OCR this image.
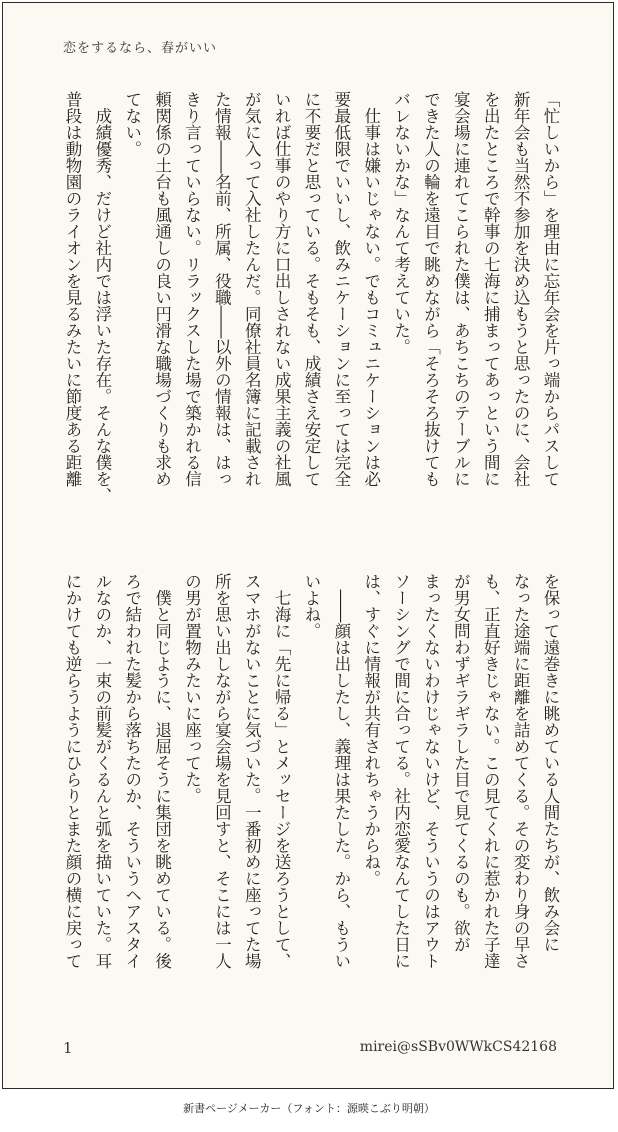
恋をするなら、春がいい
「忙しいから」を理由に忘年会を片っ端からパスして
新年会も当然不参加を決め込もうと思ったのに、会社
を出たところで幹事の七海に捕まってあっという間に
宴会場に連れてこられた僕は、あちこちのテーブルに
できた人の輪を遠目で眺めながら「そろそろ抜けても
バレないかな」なんて考えていた。
　仕事は嫌いじゃない。でもコミュニケーションは必
要最低限でいいし、飲みニケーションに至っては完全
に不要だと思っている。そもそも、成績さえ安定して
いれば仕事のやり方に口出しされない成果主義の社風
が気に入って入社したんだ。同僚社員名簿に記載され
た情報――名前、所属、役職――以外の情報は、はっ
きり言っていらない。リラックスした場で築かれる信
頼関係の土台も風通しの良い円滑な職場づくりも求め
てない。
　成績優秀、だけど社内では浮いた存在。そんな僕を、
普段は動物園のライオンを見るみたいに節度ある距離
を保って遠巻きに眺めている人間たちが、飲み会に
なった途端に距離を詰めてくる。その変わり身の早さ
も、正直好きじゃない。この見てくれに惹かれた子達
が男女問わずギラギラした目で見てくるのも。欲が
まったくないわけじゃないけど、そういうのはアウト
ソーシングで間に合ってる。社内恋愛なんてした日に
は、すぐに情報が共有されちゃうからね。
　――顔は出したし、義理は果たした。から、もうい
いよね。
　七海に「先に帰る」とメッセージを送ろうとして、
スマホがないことに気づいた。一番初めに座ってた場
所を思い出しながら宴会場を見回すと、そこには一人
の男が置物みたいに座ってた。
　僕と同じように、退屈そうに集団を眺めている。後
ろで結われた髪から落ちたのか、そういうヘアスタイ
ルなのか、一束の前髪がくるんと弧を描いていた。耳
にかけても逆らうようにひらりとまた顔の横に戻って
1	mirei@sSBv0WWkCS42168
新書ページメーカー（フォント：源暎こぶり明朝）
